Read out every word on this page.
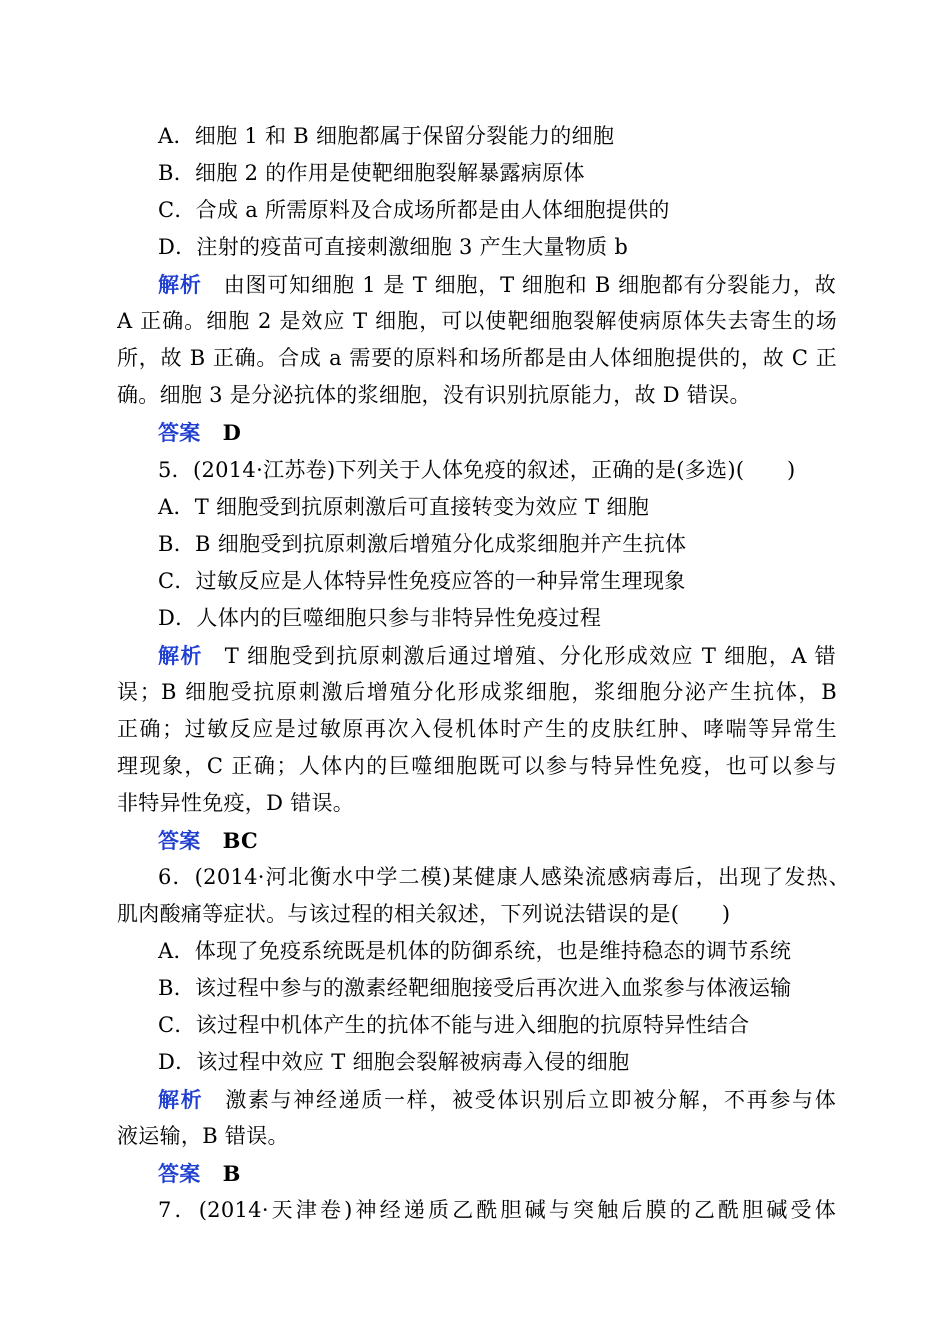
A．细胞 1 和 B 细胞都属于保留分裂能力的细胞
B．细胞 2 的作用是使靶细胞裂解暴露病原体
C．合成 a 所需原料及合成场所都是由人体细胞提供的
D．注射的疫苗可直接刺激细胞 3 产生大量物质 b
解析 由图可知细胞 1 是 T 细胞，T 细胞和 B 细胞都有分裂能力，故
A 正确。细胞 2 是效应 T 细胞，可以使靶细胞裂解使病原体失去寄生的场
所，故 B 正确。合成 a 需要的原料和场所都是由人体细胞提供的，故 C 正
确。细胞 3 是分泌抗体的浆细胞，没有识别抗原能力，故 D 错误。
答案 D
5．(2014·江苏卷)下列关于人体免疫的叙述，正确的是(多选)(　　)
A．T 细胞受到抗原刺激后可直接转变为效应 T 细胞
B．B 细胞受到抗原刺激后增殖分化成浆细胞并产生抗体
C．过敏反应是人体特异性免疫应答的一种异常生理现象
D．人体内的巨噬细胞只参与非特异性免疫过程
解析 T 细胞受到抗原刺激后通过增殖、分化形成效应 T 细胞，A 错
误；B 细胞受抗原刺激后增殖分化形成浆细胞，浆细胞分泌产生抗体，B
正确；过敏反应是过敏原再次入侵机体时产生的皮肤红肿、哮喘等异常生
理现象，C 正确；人体内的巨噬细胞既可以参与特异性免疫，也可以参与
非特异性免疫，D 错误。
答案 BC
6．(2014·河北衡水中学二模)某健康人感染流感病毒后，出现了发热、
肌肉酸痛等症状。与该过程的相关叙述，下列说法错误的是(　　)
A．体现了免疫系统既是机体的防御系统，也是维持稳态的调节系统
B．该过程中参与的激素经靶细胞接受后再次进入血浆参与体液运输
C．该过程中机体产生的抗体不能与进入细胞的抗原特异性结合
D．该过程中效应 T 细胞会裂解被病毒入侵的细胞
解析 激素与神经递质一样，被受体识别后立即被分解，不再参与体
液运输，B 错误。
答案 B
7．(2014·天津卷)神经递质乙酰胆碱与突触后膜的乙酰胆碱受体
